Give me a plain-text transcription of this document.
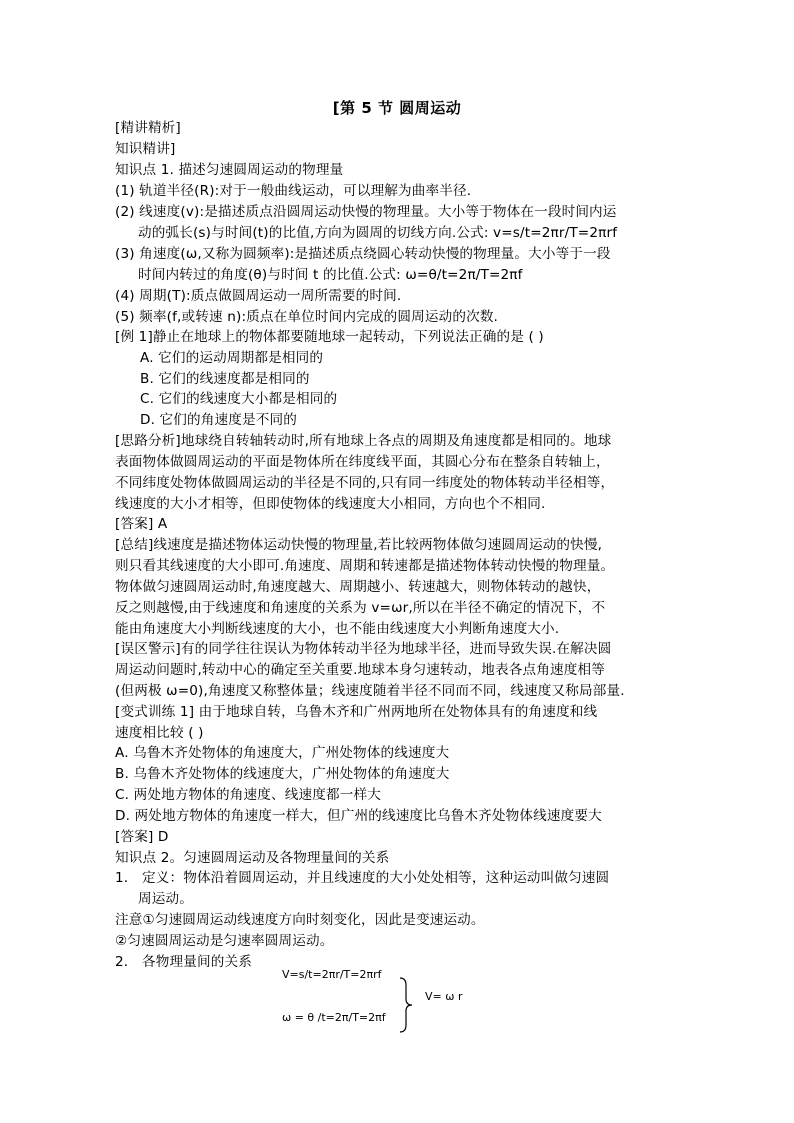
[第 5 节 圆周运动
[精讲精析]
知识精讲]
知识点 1. 描述匀速圆周运动的物理量
(1) 轨道半径(R):对于一般曲线运动，可以理解为曲率半径.
(2) 线速度(v):是描述质点沿圆周运动快慢的物理量。大小等于物体在一段时间内运
动的弧长(s)与时间(t)的比值,方向为圆周的切线方向.公式: v=s/t=2πr/T=2πrf
(3) 角速度(ω,又称为圆频率):是描述质点绕圆心转动快慢的物理量。大小等于一段
时间内转过的角度(θ)与时间 t 的比值.公式: ω=θ/t=2π/T=2πf
(4) 周期(T):质点做圆周运动一周所需要的时间.
(5) 频率(f,或转速 n):质点在单位时间内完成的圆周运动的次数.
[例 1]静止在地球上的物体都要随地球一起转动，下列说法正确的是 ( )
A. 它们的运动周期都是相同的
B. 它们的线速度都是相同的
C. 它们的线速度大小都是相同的
D. 它们的角速度是不同的
[思路分析]地球绕自转轴转动时,所有地球上各点的周期及角速度都是相同的。地球
表面物体做圆周运动的平面是物体所在纬度线平面，其圆心分布在整条自转轴上，
不同纬度处物体做圆周运动的半径是不同的,只有同一纬度处的物体转动半径相等，
线速度的大小才相等，但即使物体的线速度大小相同，方向也个不相同.
[答案] A
[总结]线速度是描述物体运动快慢的物理量,若比较两物体做匀速圆周运动的快慢,
则只看其线速度的大小即可.角速度、周期和转速都是描述物体转动快慢的物理量。
物体做匀速圆周运动时,角速度越大、周期越小、转速越大，则物体转动的越快，
反之则越慢,由于线速度和角速度的关系为 v=ωr,所以在半径不确定的情况下，不
能由角速度大小判断线速度的大小，也不能由线速度大小判断角速度大小.
[误区警示]有的同学往往误认为物体转动半径为地球半径，进而导致失误.在解决圆
周运动问题时,转动中心的确定至关重要.地球本身匀速转动，地表各点角速度相等
(但两极 ω=0),角速度又称整体量；线速度随着半径不同而不同，线速度又称局部量.
[变式训练 1] 由于地球自转，乌鲁木齐和广州两地所在处物体具有的角速度和线
速度相比较 ( )
A. 乌鲁木齐处物体的角速度大，广州处物体的线速度大
B. 乌鲁木齐处物体的线速度大，广州处物体的角速度大
C. 两处地方物体的角速度、线速度都一样大
D. 两处地方物体的角速度一样大，但广州的线速度比乌鲁木齐处物体线速度要大
[答案] D
知识点 2。匀速圆周运动及各物理量间的关系
1． 定义：物体沿着圆周运动，并且线速度的大小处处相等，这种运动叫做匀速圆
周运动。
注意①匀速圆周运动线速度方向时刻变化，因此是变速运动。
②匀速圆周运动是匀速率圆周运动。
2． 各物理量间的关系
V=s/t=2πr/T=2πrf
ω = θ /t=2π/T=2πf
V= ω r
